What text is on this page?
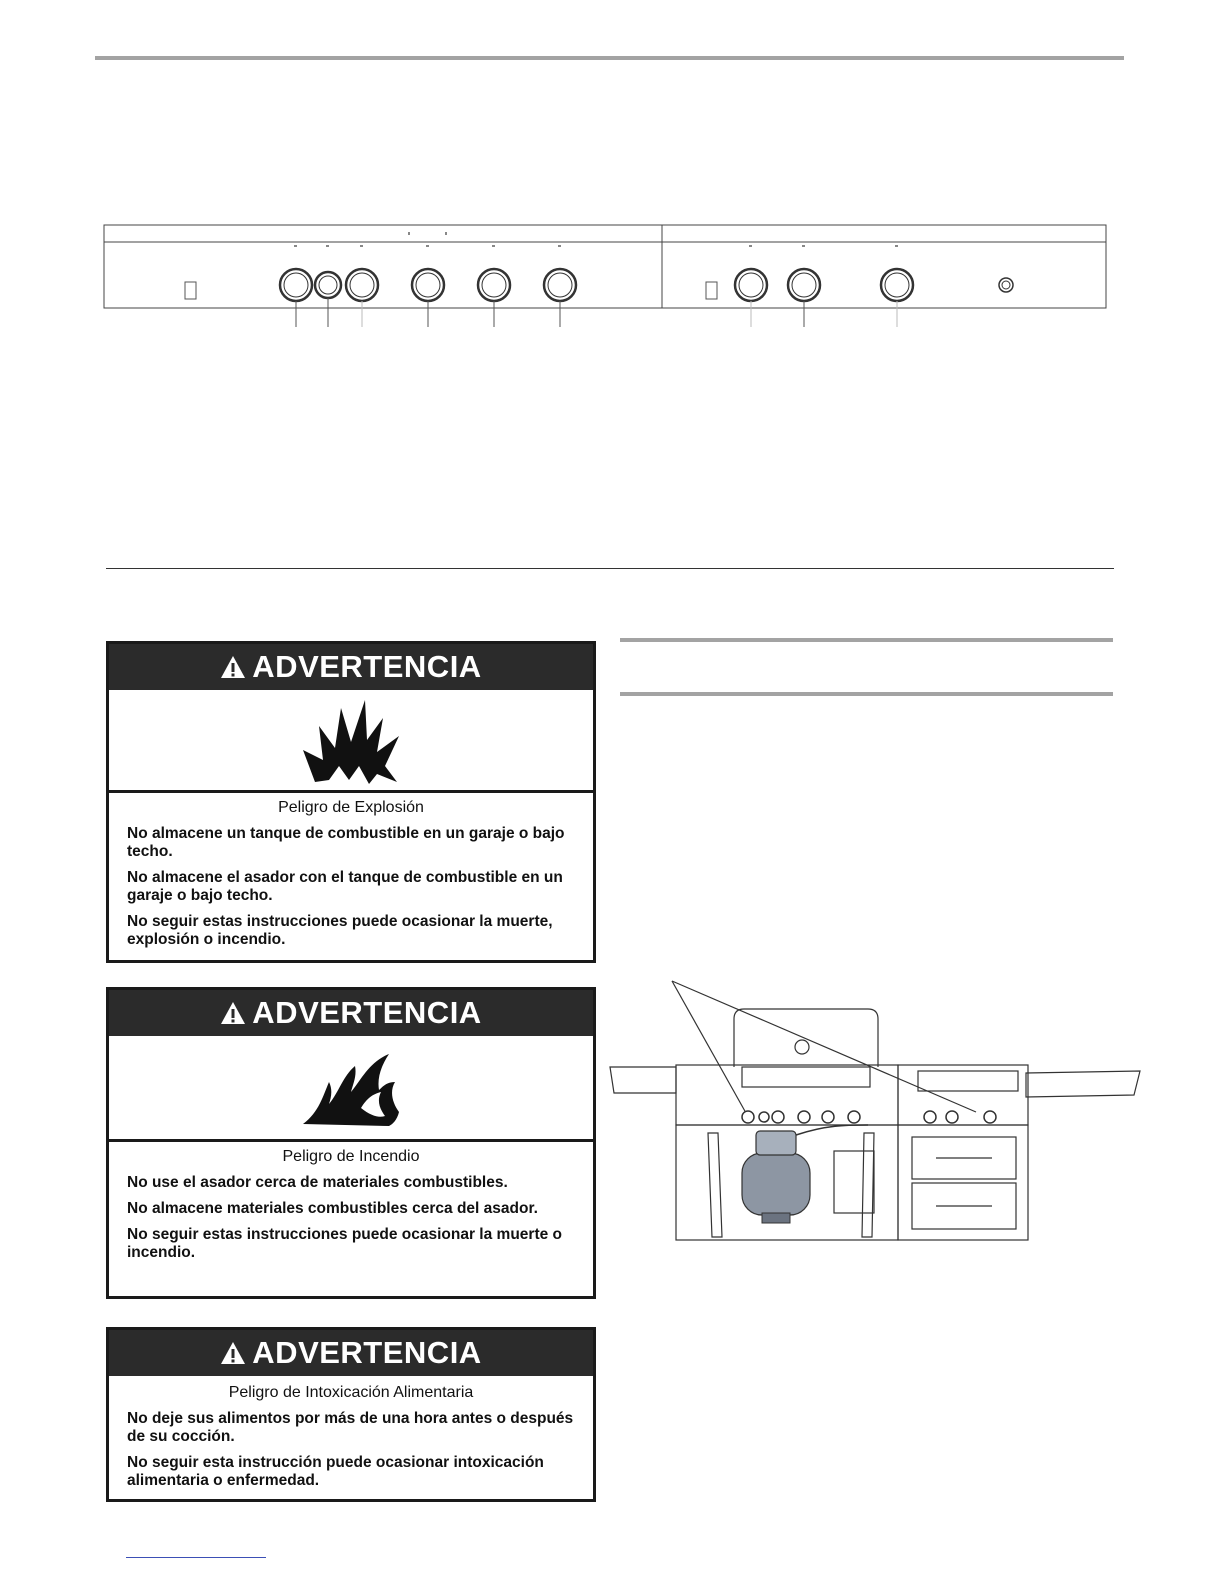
ADVERTENCIA
Peligro de Explosión

No almacene un tanque de combustible en un garaje o bajo techo.

No almacene el asador con el tanque de combustible en un garaje o bajo techo.

No seguir estas instrucciones puede ocasionar la muerte, explosión o incendio.

ADVERTENCIA
Peligro de Incendio

No use el asador cerca de materiales combustibles.

No almacene materiales combustibles cerca del asador.

No seguir estas instrucciones puede ocasionar la muerte o incendio.

ADVERTENCIA
Peligro de Intoxicación Alimentaria

No deje sus alimentos por más de una hora antes o después de su cocción.

No seguir esta instrucción puede ocasionar intoxicación alimentaria o enfermedad.
